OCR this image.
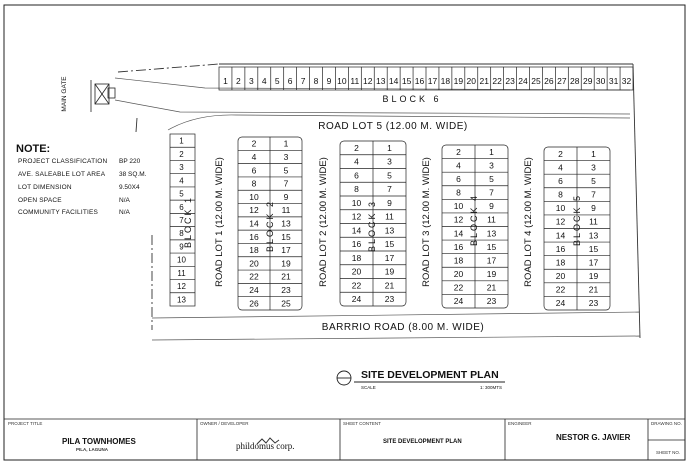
MAIN GATE	1 2 3 4 5 6 7 8 9 10 11 12 13 14 15 16 17 18 19 20 21 22 23 24 25 26 27 28 29 30 31 32
1
2
3
4
5
6
7
8
9
10
11
12
13
2	1
4	3
6	5
8	7
10	9
12	11
14	13
16	15
18	17
20	19
22	21
24	23
26	25
2	1
4	3
6	5
8	7
10	9
12	11
14	13
16	15
18	17
20	19
22	21
24	23
2	1
4	3
6	5
8	7
10	9
12	11
14	13
16	15
18	17
20	19
22	21
24	23
2	1
4	3
6	5
8	7
10	9
12	11
14	13
16	15
18	17
20	19
22	21
24	23
ROAD LOT 5 (12.00 M. WIDE)
BARRRIO ROAD (8.00 M. WIDE)
ROAD LOT 1 (12.00 M. WIDE)	ROAD LOT 2 (12.00 M. WIDE)	ROAD LOT 3 (12.00 M. WIDE)	ROAD LOT 4 (12.00 M. WIDE)
BLOCK 1	BLOCK 2	BLOCK 3	BLOCK 4	BLOCK 5
BLOCK 6
SITE DEVELOPMENT PLAN
SCALE	1: 300MTS
NOTE:
PROJECT CLASSIFICATION BP 220
AVE. SALEABLE LOT AREA 38 SQ.M.
LOT DIMENSION	9.50X4
OPEN SPACE	N/A
COMMUNITY FACILITIES	N/A
PROJECT TITLE
PILA TOWNHOMES
PILA, LAGUNA
OWNER / DEVELOPER
phildomus corp.
SHEET CONTENT
SITE DEVELOPMENT PLAN
ENGINEER
NESTOR G. JAVIER
DRAWING NO.
SHEET NO.
